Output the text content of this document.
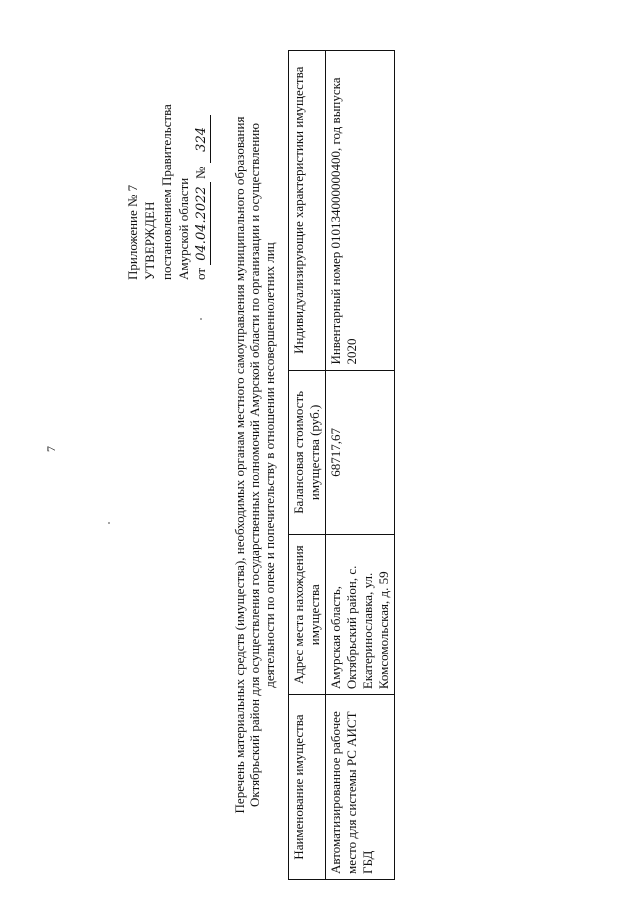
7
Приложение № 7 УТВЕРЖДЕН постановлением Правительства Амурской области от 04.04.2022 № 324 Перечень материальных средств (имущества), необходимых органам местного самоуправления муниципального образования Октябрьский район для осуществления государственных полномочий Амурской области по организации и осуществлению деятельности по опеке и попечительству в отношении несовершеннолетних лиц
Наименование имущества	Адрес места нахождения имущества	Балансовая стоимость имущества (руб.)	Индивидуализирующие характеристики имущества
Автоматизированное рабочее место для системы РС АИСТ ГБД	Амурская область, Октябрьский район, с. Екатеринославка, ул. Комсомольская, д. 59	68717,67	Инвентарный номер 010134000000400, год выпуска 2020
